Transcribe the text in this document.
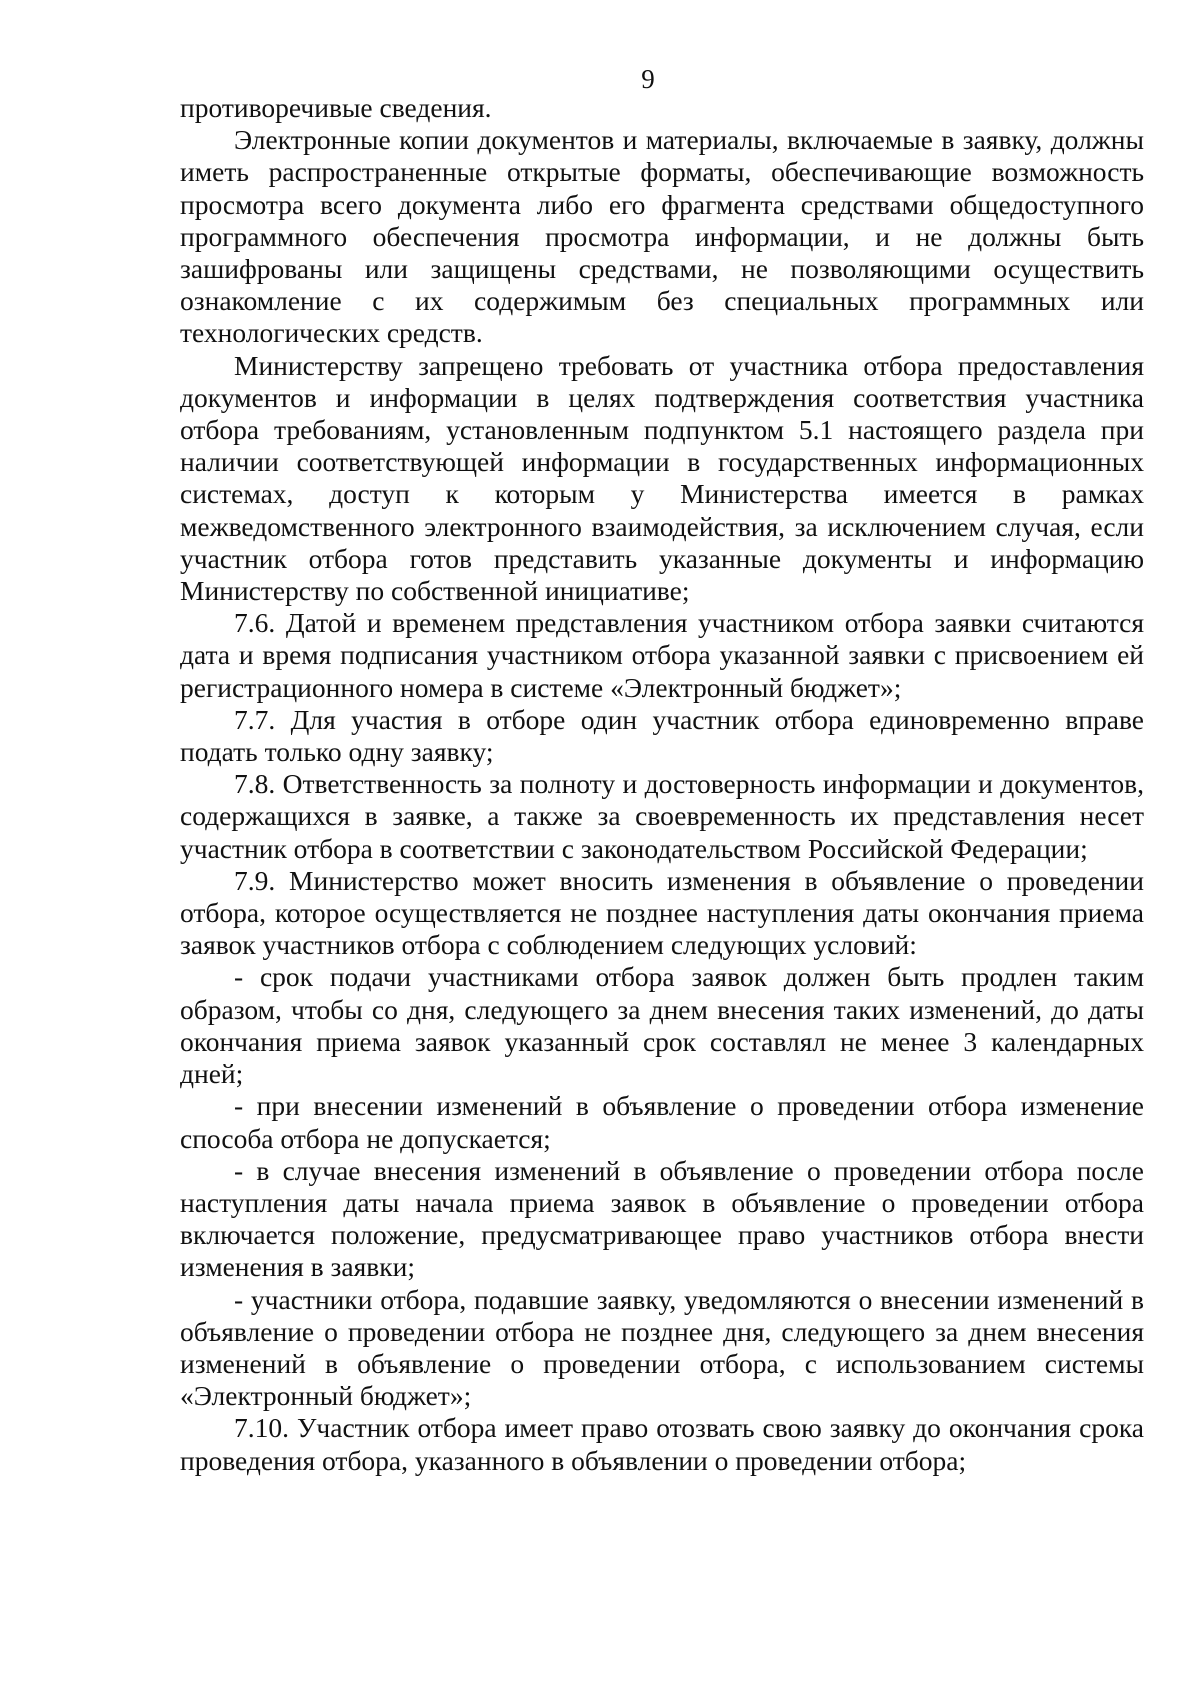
9

противоречивые сведения.

Электронные копии документов и материалы, включаемые в заявку, должны иметь распространенные открытые форматы, обеспечивающие возможность просмотра всего документа либо его фрагмента средствами общедоступного программного обеспечения просмотра информации, и не должны быть зашифрованы или защищены средствами, не позволяющими осуществить ознакомление с их содержимым без специальных программных или технологических средств.

Министерству запрещено требовать от участника отбора предоставления документов и информации в целях подтверждения соответствия участника отбора требованиям, установленным подпунктом 5.1 настоящего раздела при наличии соответствующей информации в государственных информационных системах, доступ к которым у Министерства имеется в рамках межведомственного электронного взаимодействия, за исключением случая, если участник отбора готов представить указанные документы и информацию Министерству по собственной инициативе;

7.6. Датой и временем представления участником отбора заявки считаются дата и время подписания участником отбора указанной заявки с присвоением ей регистрационного номера в системе «Электронный бюджет»;

7.7. Для участия в отборе один участник отбора единовременно вправе подать только одну заявку;

7.8. Ответственность за полноту и достоверность информации и документов, содержащихся в заявке, а также за своевременность их представления несет участник отбора в соответствии с законодательством Российской Федерации;

7.9. Министерство может вносить изменения в объявление о проведении отбора, которое осуществляется не позднее наступления даты окончания приема заявок участников отбора с соблюдением следующих условий:

- срок подачи участниками отбора заявок должен быть продлен таким образом, чтобы со дня, следующего за днем внесения таких изменений, до даты окончания приема заявок указанный срок составлял не менее 3 календарных дней;

- при внесении изменений в объявление о проведении отбора изменение способа отбора не допускается;

- в случае внесения изменений в объявление о проведении отбора после наступления даты начала приема заявок в объявление о проведении отбора включается положение, предусматривающее право участников отбора внести изменения в заявки;

- участники отбора, подавшие заявку, уведомляются о внесении изменений в объявление о проведении отбора не позднее дня, следующего за днем внесения изменений в объявление о проведении отбора, с использованием системы «Электронный бюджет»;

7.10. Участник отбора имеет право отозвать свою заявку до окончания срока проведения отбора, указанного в объявлении о проведении отбора;
